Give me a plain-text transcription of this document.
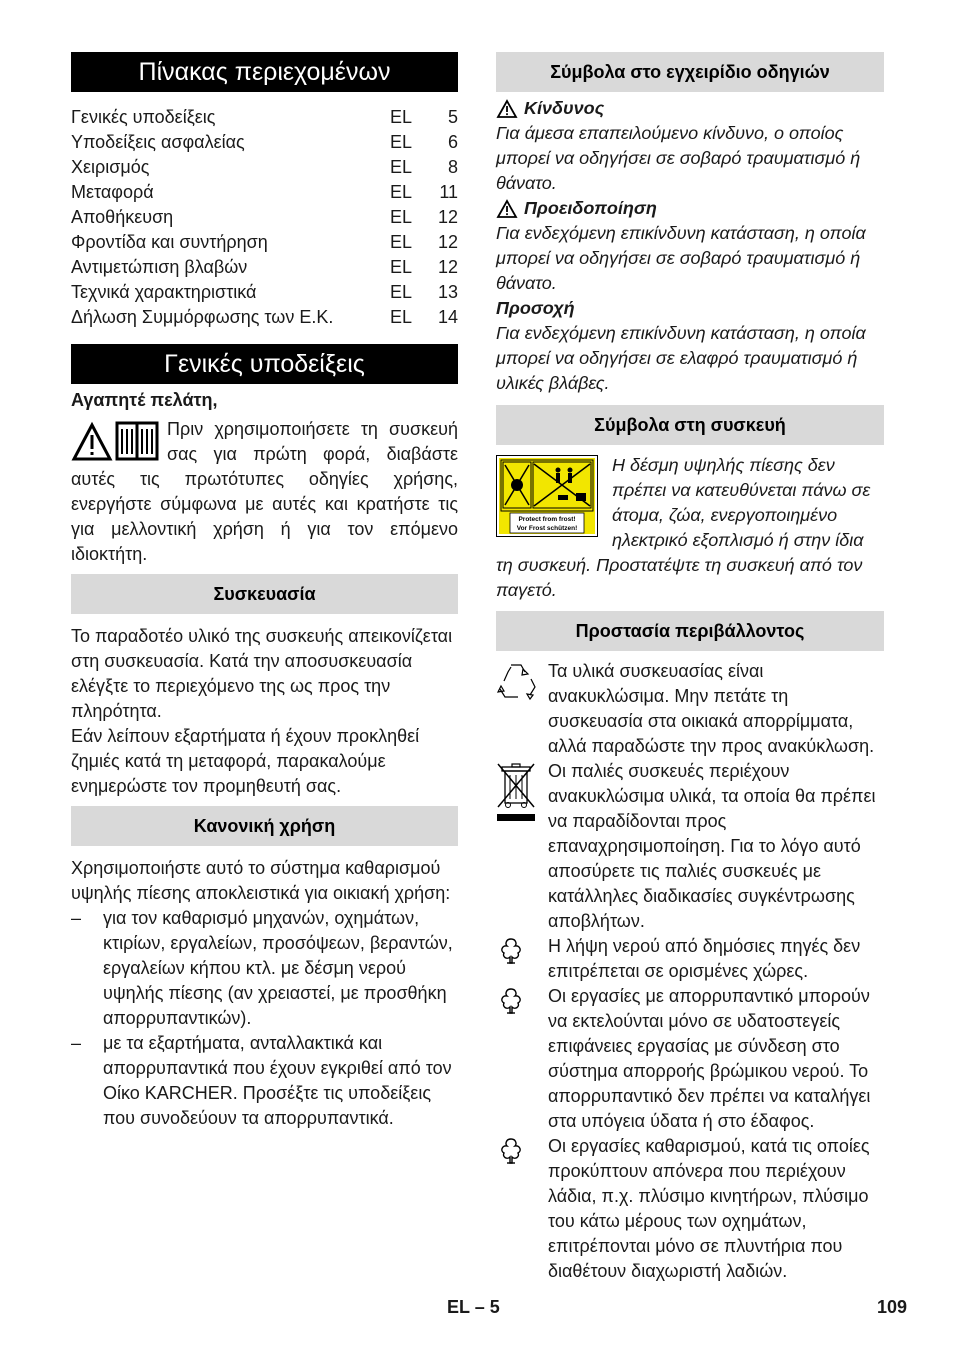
Πίνακας περιεχομένων
Γενικές υποδείξεις	EL	5
Υποδείξεις ασφαλείας	EL	6
Χειρισμός	EL	8
Μεταφορά	EL	11
Αποθήκευση	EL	12
Φροντίδα και συντήρηση	EL	12
Αντιμετώπιση βλαβών	EL	12
Τεχνικά χαρακτηριστικά	EL	13
Δήλωση Συμμόρφωσης των Ε.Κ.	EL	14
Γενικές υποδείξεις

Αγαπητέ πελάτη,

Πριν χρησιμοποιήσετε τη συσκευή σας για πρώτη φορά, διαβάστε αυτές τις πρωτότυπες οδηγίες χρήσης, ενεργήστε σύμφωνα με αυτές και κρατήστε τις για μελλοντική χρήση ή για τον επόμενο ιδιοκτήτη.

Συσκευασία

Το παραδοτέο υλικό της συσκευής απεικονίζεται στη συσκευασία. Κατά την αποσυσκευασία ελέγξτε το περιεχόμενο της ως προς την πληρότητα.

Εάν λείπουν εξαρτήματα ή έχουν προκληθεί ζημιές κατά τη μεταφορά, παρακαλούμε ενημερώστε τον προμηθευτή σας.

Κανονική χρήση

Χρησιμοποιήστε αυτό το σύστημα καθαρισμού υψηλής πίεσης αποκλειστικά για οικιακή χρήση:

– για τον καθαρισμό μηχανών, οχημάτων, κτιρίων, εργαλείων, προσόψεων, βεραντών, εργαλείων κήπου κτλ. με δέσμη νερού υψηλής πίεσης (αν χρειαστεί, με προσθήκη απορρυπαντικών).
– με τα εξαρτήματα, ανταλλακτικά και απορρυπαντικά που έχουν εγκριθεί από τον Οίκο KARCHER. Προσέξτε τις υποδείξεις που συνοδεύουν τα απορρυπαντικά.
Σύμβολα στο εγχειρίδιο οδηγιών

Κίνδυνος

Για άμεσα επαπειλούμενο κίνδυνο, ο οποίος μπορεί να οδηγήσει σε σοβαρό τραυματισμό ή θάνατο.

Προειδοποίηση

Για ενδεχόμενη επικίνδυνη κατάσταση, η οποία μπορεί να οδηγήσει σε σοβαρό τραυματισμό ή θάνατο.

Προσοχή

Για ενδεχόμενη επικίνδυνη κατάσταση, η οποία μπορεί να οδηγήσει σε ελαφρό τραυματισμό ή υλικές βλάβες.

Σύμβολα στη συσκευή
Protect from frost!
Vor Frost schützen!

Η δέσμη υψηλής πίεσης δεν πρέπει να κατευθύνεται πάνω σε άτομα, ζώα, ενεργοποιημένο ηλεκτρικό εξοπλισμό ή στην ίδια τη συσκευή. Προστατέψτε τη συσκευή από τον παγετό.

Προστασία περιβάλλοντος

Τα υλικά συσκευασίας είναι ανακυκλώσιμα. Μην πετάτε τη συσκευασία στα οικιακά απορρίμματα, αλλά παραδώστε την προς ανακύκλωση.

Οι παλιές συσκευές περιέχουν ανακυκλώσιμα υλικά, τα οποία θα πρέπει να παραδίδονται προς επαναχρησιμοποίηση. Για το λόγο αυτό αποσύρετε τις παλιές συσκευές με κατάλληλες διαδικασίες συγκέντρωσης αποβλήτων.

Η λήψη νερού από δημόσιες πηγές δεν επιτρέπεται σε ορισμένες χώρες.

Οι εργασίες με απορρυπαντικό μπορούν να εκτελούνται μόνο σε υδατοστεγείς επιφάνειες εργασίας με σύνδεση στο σύστημα απορροής βρώμικου νερού. Το απορρυπαντικό δεν πρέπει να καταλήγει στα υπόγεια ύδατα ή στο έδαφος.

Οι εργασίες καθαρισμού, κατά τις οποίες προκύπτουν απόνερα που περιέχουν λάδια, π.χ. πλύσιμο κινητήρων, πλύσιμο του κάτω μέρους των οχημάτων, επιτρέπονται μόνο σε πλυντήρια που διαθέτουν διαχωριστή λαδιών.

EL – 5	109
